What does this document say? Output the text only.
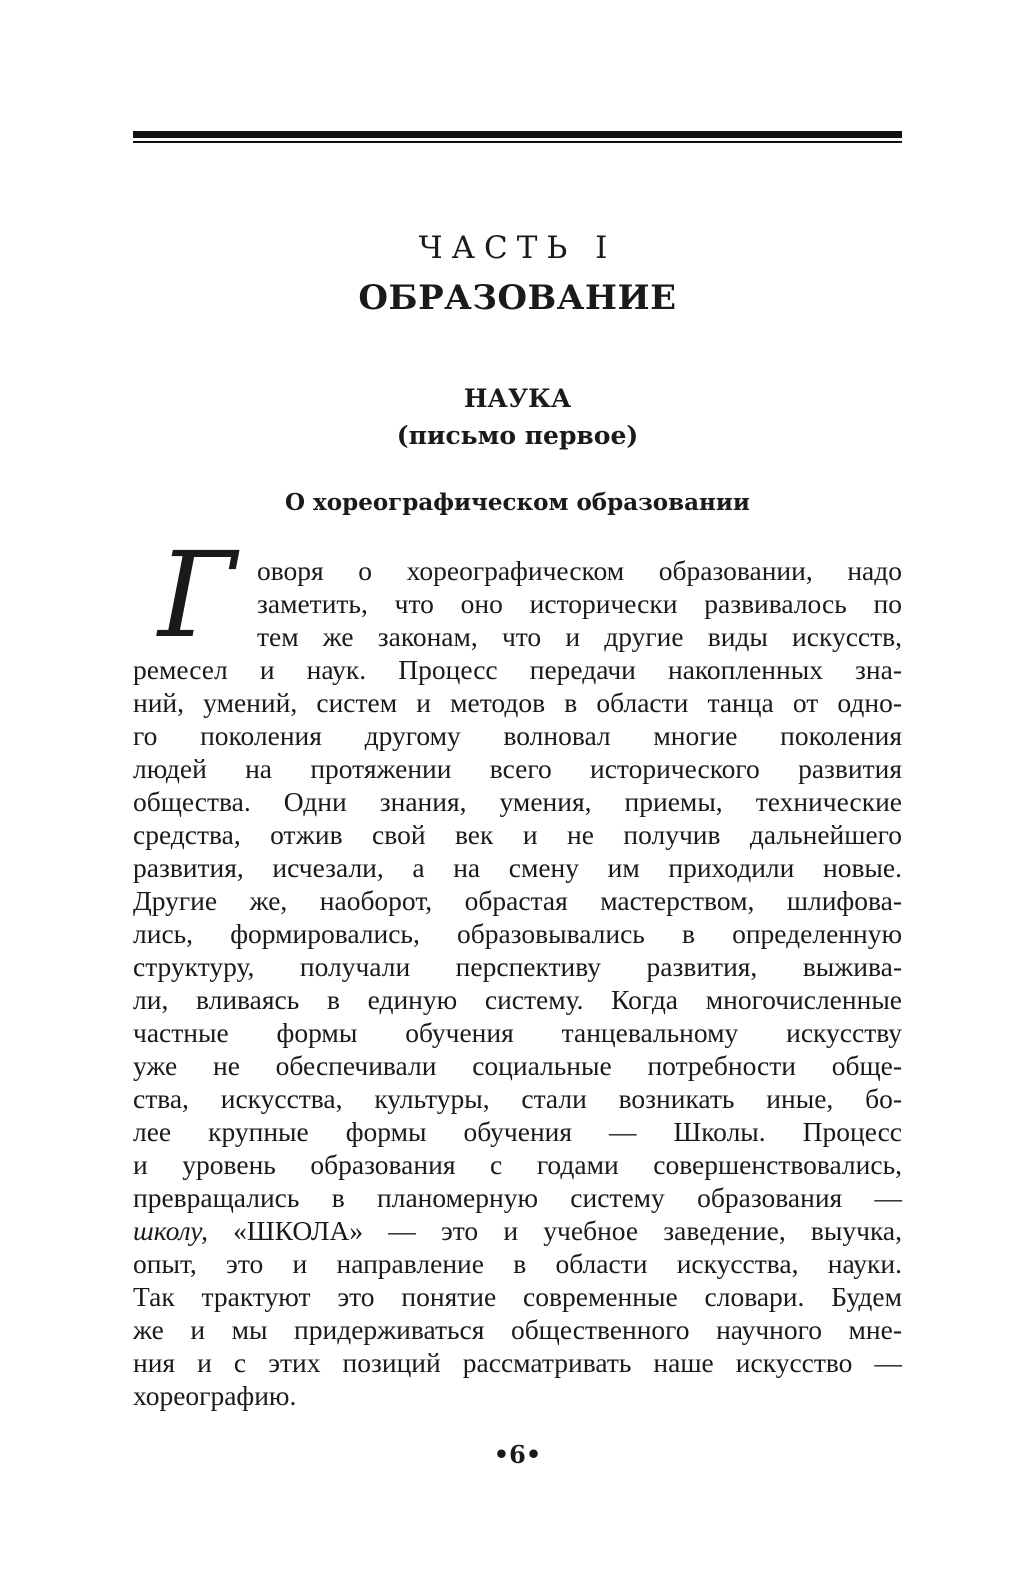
ЧАСТЬ I
ОБРАЗОВАНИЕ
НАУКА
(письмо первое)
О хореографическом образовании
Г оворя о хореографическом образовании, надо
заметить, что оно исторически развивалось по
тем же законам, что и другие виды искусств,
ремесел и наук. Процесс передачи накопленных зна-
ний, умений, систем и методов в области танца от одно-
го поколения другому волновал многие поколения
людей на протяжении всего исторического развития
общества. Одни знания, умения, приемы, технические
средства, отжив свой век и не получив дальнейшего
развития, исчезали, а на смену им приходили новые.
Другие же, наоборот, обрастая мастерством, шлифова-
лись, формировались, образовывались в определенную
структуру, получали перспективу развития, выжива-
ли, вливаясь в единую систему. Когда многочисленные
частные формы обучения танцевальному искусству
уже не обеспечивали социальные потребности обще-
ства, искусства, культуры, стали возникать иные, бо-
лее крупные формы обучения — Школы. Процесс
и уровень образования с годами совершенствовались,
превращались в планомерную систему образования —
школу, «ШКОЛА» — это и учебное заведение, выучка,
опыт, это и направление в области искусства, науки.
Так трактуют это понятие современные словари. Будем
же и мы придерживаться общественного научного мне-
ния и с этих позиций рассматривать наше искусство —
хореографию.
•6•
